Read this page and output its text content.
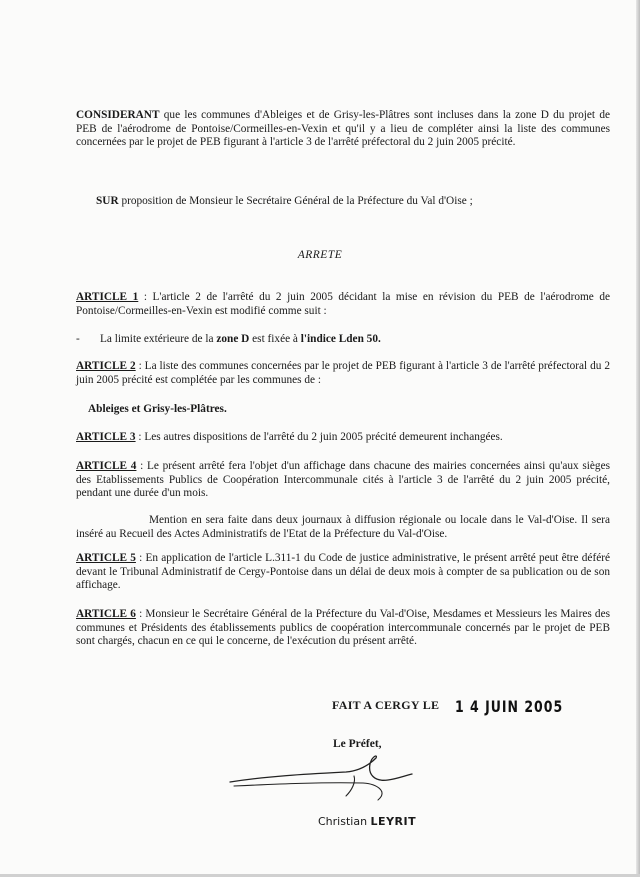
CONSIDERANT que les communes d'Ableiges et de Grisy-les-Plâtres sont incluses dans la zone D du projet de PEB de l'aérodrome de Pontoise/Cormeilles-en-Vexin et qu'il y a lieu de compléter ainsi la liste des communes concernées par le projet de PEB figurant à l'article 3 de l'arrêté préfectoral du 2 juin 2005 précité.
SUR proposition de Monsieur le Secrétaire Général de la Préfecture du Val d'Oise ;
ARRETE
ARTICLE 1 : L'article 2 de l'arrêté du 2 juin 2005 décidant la mise en révision du PEB de l'aérodrome de Pontoise/Cormeilles-en-Vexin est modifié comme suit :
- La limite extérieure de la zone D est fixée à l'indice Lden 50.
ARTICLE 2 : La liste des communes concernées par le projet de PEB figurant à l'article 3 de l'arrêté préfectoral du 2 juin 2005 précité est complétée par les communes de :
Ableiges et Grisy-les-Plâtres.
ARTICLE 3 : Les autres dispositions de l'arrêté du 2 juin 2005 précité demeurent inchangées.
ARTICLE 4 : Le présent arrêté fera l'objet d'un affichage dans chacune des mairies concernées ainsi qu'aux sièges des Etablissements Publics de Coopération Intercommunale cités à l'article 3 de l'arrêté du 2 juin 2005 précité, pendant une durée d'un mois.
Mention en sera faite dans deux journaux à diffusion régionale ou locale dans le Val-d'Oise. Il sera inséré au Recueil des Actes Administratifs de l'Etat de la Préfecture du Val-d'Oise.
ARTICLE 5 : En application de l'article L.311-1 du Code de justice administrative, le présent arrêté peut être déféré devant le Tribunal Administratif de Cergy-Pontoise dans un délai de deux mois à compter de sa publication ou de son affichage.
ARTICLE 6 : Monsieur le Secrétaire Général de la Préfecture du Val-d'Oise, Mesdames et Messieurs les Maires des communes et Présidents des établissements publics de coopération intercommunale concernés par le projet de PEB sont chargés, chacun en ce qui le concerne, de l'exécution du présent arrêté.
FAIT A CERGY LE 1 4 JUIN 2005
Le Préfet,
Christian LEYRIT
